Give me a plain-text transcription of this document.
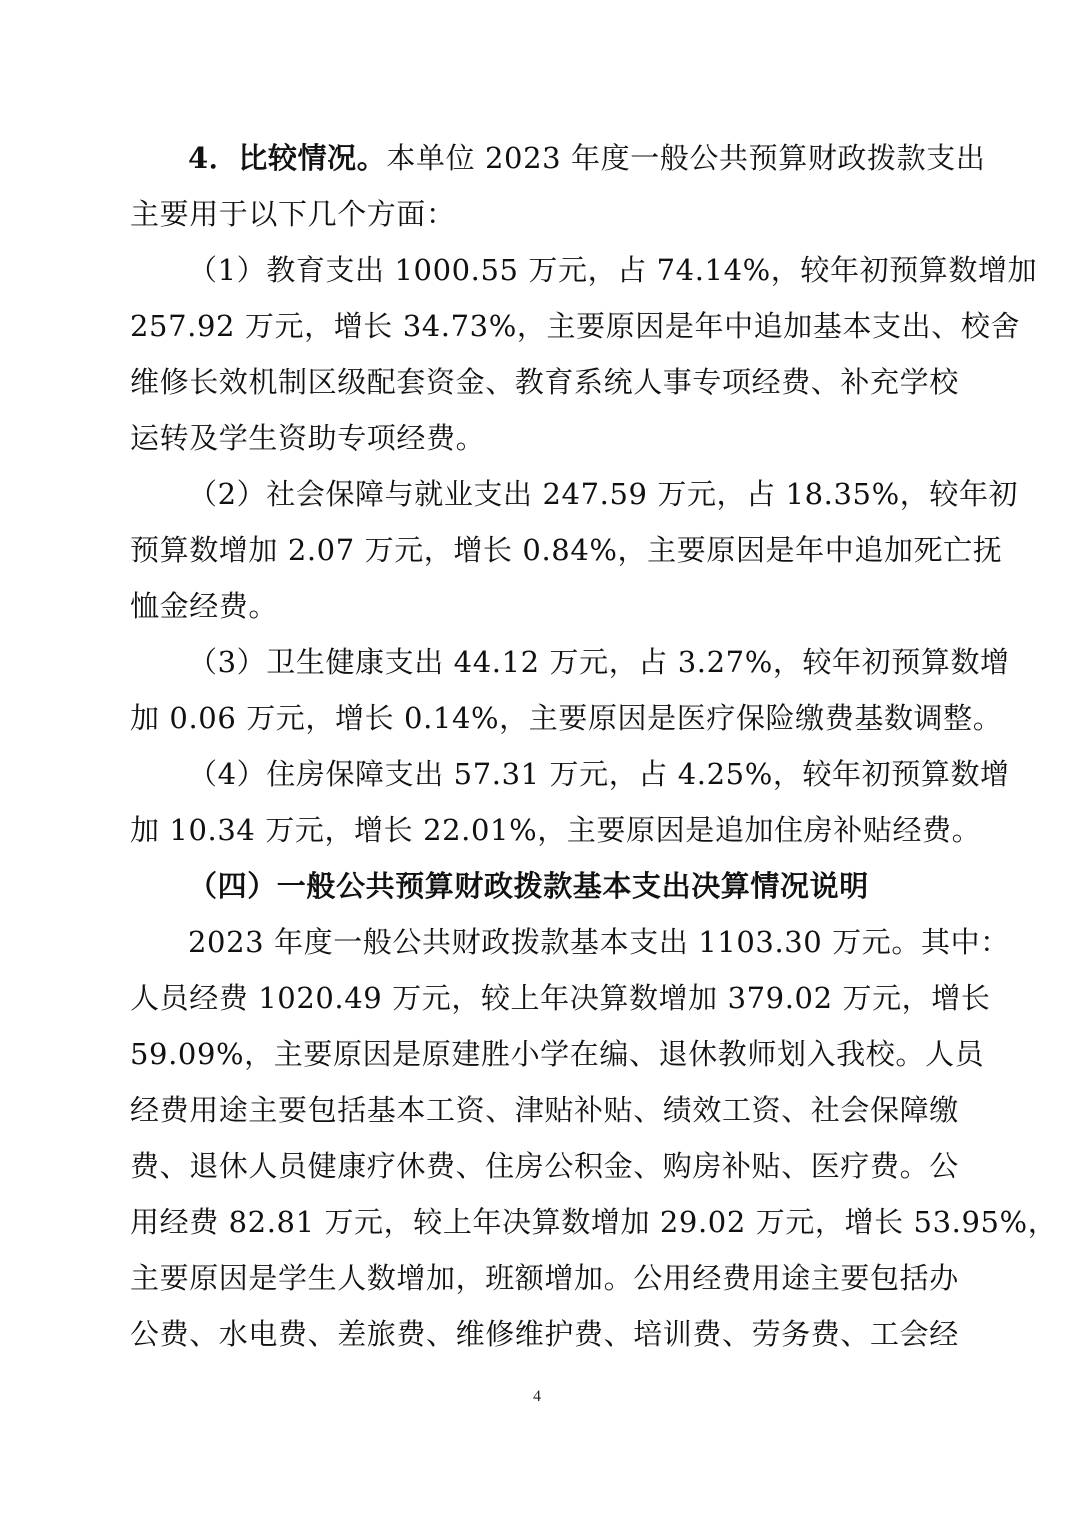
4．比较情况。本单位 2023 年度一般公共预算财政拨款支出
主要用于以下几个方面：
（1）教育支出 1000.55 万元，占 74.14%，较年初预算数增加
257.92 万元，增长 34.73%，主要原因是年中追加基本支出、校舍
维修长效机制区级配套资金、教育系统人事专项经费、补充学校
运转及学生资助专项经费。
（2）社会保障与就业支出 247.59 万元，占 18.35%，较年初
预算数增加 2.07 万元，增长 0.84%，主要原因是年中追加死亡抚
恤金经费。
（3）卫生健康支出 44.12 万元，占 3.27%，较年初预算数增
加 0.06 万元，增长 0.14%，主要原因是医疗保险缴费基数调整。
（4）住房保障支出 57.31 万元，占 4.25%，较年初预算数增
加 10.34 万元，增长 22.01%，主要原因是追加住房补贴经费。
（四）一般公共预算财政拨款基本支出决算情况说明
2023 年度一般公共财政拨款基本支出 1103.30 万元。其中：
人员经费 1020.49 万元，较上年决算数增加 379.02 万元，增长
59.09%，主要原因是原建胜小学在编、退休教师划入我校。人员
经费用途主要包括基本工资、津贴补贴、绩效工资、社会保障缴
费、退休人员健康疗休费、住房公积金、购房补贴、医疗费。公
用经费 82.81 万元，较上年决算数增加 29.02 万元，增长 53.95%，
主要原因是学生人数增加，班额增加。公用经费用途主要包括办
公费、水电费、差旅费、维修维护费、培训费、劳务费、工会经
4
